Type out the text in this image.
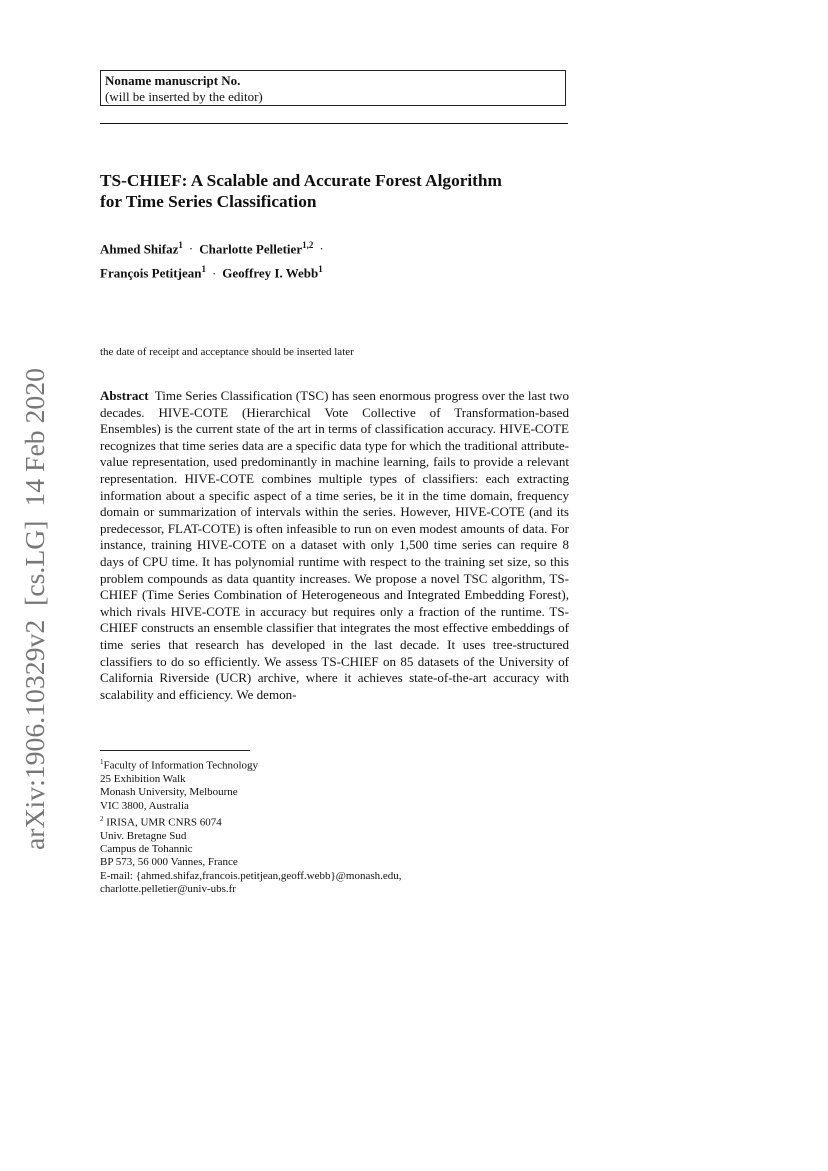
Noname manuscript No.
(will be inserted by the editor)
TS-CHIEF: A Scalable and Accurate Forest Algorithm
for Time Series Classification
Ahmed Shifaz$^1$ · Charlotte Pelletier$^{1,2}$ ·
François Petitjean$^1$ · Geoffrey I. Webb$^1$
the date of receipt and acceptance should be inserted later
Abstract Time Series Classification (TSC) has seen enormous progress over the last two decades. HIVE-COTE (Hierarchical Vote Collective of Transformation-based Ensembles) is the current state of the art in terms of classification accuracy. HIVE-COTE recognizes that time series data are a specific data type for which the traditional attribute-value representation, used predominantly in machine learning, fails to provide a relevant representation. HIVE-COTE combines multiple types of classifiers: each extracting information about a specific aspect of a time series, be it in the time domain, frequency domain or summarization of intervals within the series. However, HIVE-COTE (and its predecessor, FLAT-COTE) is often infeasible to run on even modest amounts of data. For instance, training HIVE-COTE on a dataset with only 1,500 time series can require 8 days of CPU time. It has polynomial runtime with respect to the training set size, so this problem compounds as data quantity increases. We propose a novel TSC algorithm, TS-CHIEF (Time Series Combination of Heterogeneous and Integrated Embedding Forest), which rivals HIVE-COTE in accuracy but requires only a fraction of the runtime. TS-CHIEF constructs an ensemble classifier that integrates the most effective embeddings of time series that research has developed in the last decade. It uses tree-structured classifiers to do so efficiently. We assess TS-CHIEF on 85 datasets of the University of California Riverside (UCR) archive, where it achieves state-of-the-art accuracy with scalability and efficiency. We demon-
$^1$Faculty of Information Technology
25 Exhibition Walk
Monash University, Melbourne
VIC 3800, Australia
$^2$ IRISA, UMR CNRS 6074
Univ. Bretagne Sud
Campus de Tohannic
BP 573, 56 000 Vannes, France
E-mail: {ahmed.shifaz,francois.petitjean,geoff.webb}@monash.edu,
charlotte.pelletier@univ-ubs.fr
arXiv:1906.10329v2  [cs.LG]  14 Feb 2020
